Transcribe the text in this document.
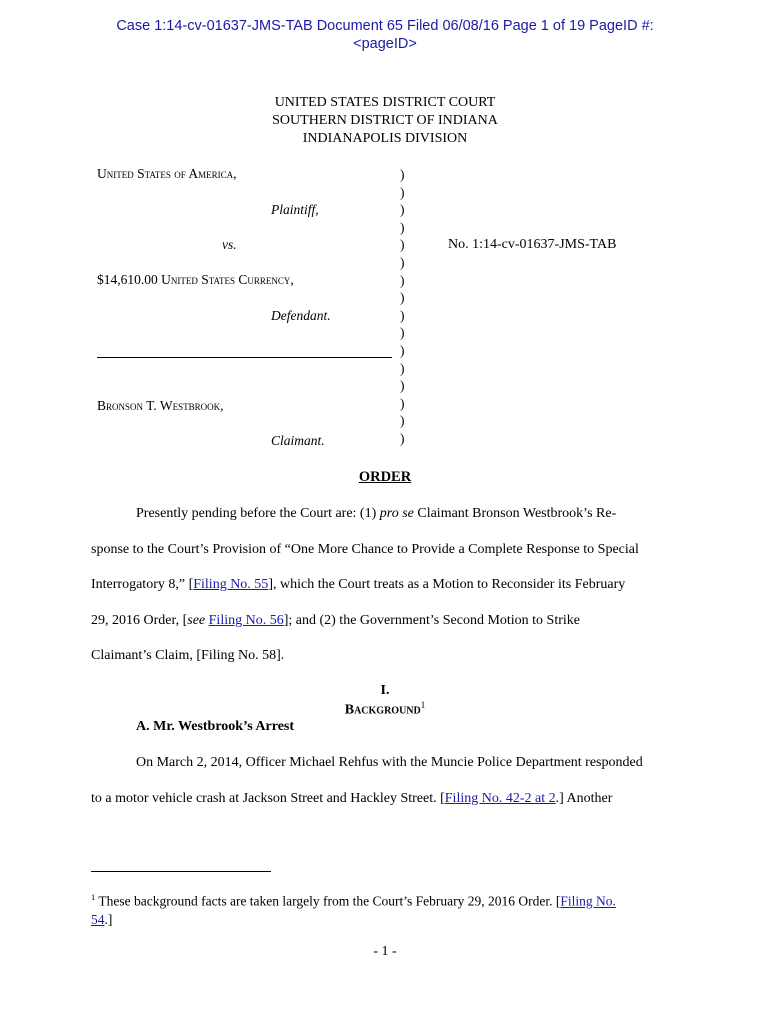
Case 1:14-cv-01637-JMS-TAB Document 65 Filed 06/08/16 Page 1 of 19 PageID #:
<pageID>
UNITED STATES DISTRICT COURT
SOUTHERN DISTRICT OF INDIANA
INDIANAPOLIS DIVISION
United States of America,
Plaintiff,
vs.
$14,610.00 United States Currency,
Defendant.
Bronson T. Westbrook,
Claimant.
)
)
)
)
)
)
)
)
)
)
)
)
)
)
)
)
No. 1:14-cv-01637-JMS-TAB
ORDER
Presently pending before the Court are: (1) pro se Claimant Bronson Westbrook’s Re-
sponse to the Court’s Provision of “One More Chance to Provide a Complete Response to Special
Interrogatory 8,” [Filing No. 55], which the Court treats as a Motion to Reconsider its February
29, 2016 Order, [see Filing No. 56]; and (2) the Government’s Second Motion to Strike
Claimant’s Claim, [Filing No. 58].
I.
Background$^1$
A. Mr. Westbrook’s Arrest
On March 2, 2014, Officer Michael Rehfus with the Muncie Police Department responded
to a motor vehicle crash at Jackson Street and Hackley Street. [Filing No. 42-2 at 2.] Another
$^1$ These background facts are taken largely from the Court’s February 29, 2016 Order. [Filing No.
54.]
- 1 -
